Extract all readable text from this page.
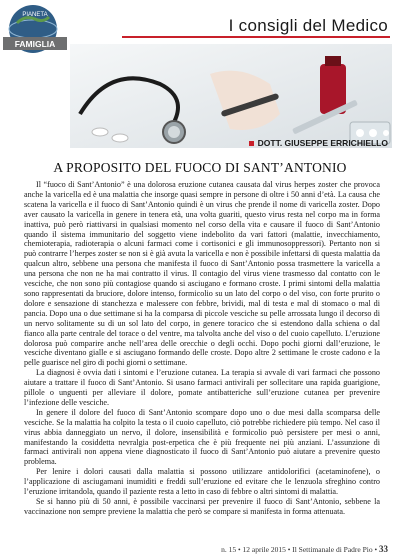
PIANETA
FAMIGLIA
I consigli del Medico
DOTT. GIUSEPPE ERRICHIELLO
A PROPOSITO DEL FUOCO DI SANT’ANTONIO

Il “fuoco di Sant’Antonio” è una dolorosa eruzione cutanea causata dal virus herpes zoster che provoca anche la varicella ed è una malattia che insorge quasi sempre in persone di oltre i 50 anni d’età. La causa che scatena la varicella e il fuoco di Sant’Antonio quindi è un virus che prende il nome di varicella zoster. Dopo aver causato la varicella in genere in tenera età, una volta guariti, questo virus resta nel corpo ma in forma inattiva, può però riattivarsi in qualsiasi momento nel corso della vita e causare il fuoco di Sant’Antonio quando il sistema immunitario del soggetto viene indebolito da vari fattori (malattie, invecchiamento, chemioterapia, radioterapia o alcuni farmaci come i cortisonici e gli immunosoppressori). Pertanto non si può contrarre l’herpes zoster se non si è già avuta la varicella e non è possibile infettarsi di questa malattia da qualcun altro, sebbene una persona che manifesta il fuoco di Sant’Antonio possa trasmettere la varicella a una persona che non ne ha mai contratto il virus. Il contagio del virus viene trasmesso dal contatto con le vesciche, che non sono più contagiose quando si asciugano e formano croste. I primi sintomi della malattia sono rappresentati da bruciore, dolore intenso, formicolio su un lato del corpo o del viso, con forte prurito o dolore e sensazione di stanchezza e malessere con febbre, brividi, mal di testa e mal di stomaco o mal di pancia. Dopo una o due settimane si ha la comparsa di piccole vesciche su pelle arrossata lungo il decorso di un nervo solitamente su di un sol lato del corpo, in genere toracico che si estendono dalla schiena o dal fianco alla parte centrale del torace o del ventre, ma talvolta anche del viso o del cuoio capelluto. L’eruzione dolorosa può comparire anche nell’area delle orecchie o degli occhi. Dopo pochi giorni dall’eruzione, le vesciche diventano gialle e si asciugano formando delle croste. Dopo altre 2 settimane le croste cadono e la pelle guarisce nel giro di pochi giorni o settimane.

La diagnosi è ovvia dati i sintomi e l’eruzione cutanea. La terapia si avvale di vari farmaci che possono aiutare a trattare il fuoco di Sant’Antonio. Si usano farmaci antivirali per sollecitare una rapida guarigione, pillole o unguenti per alleviare il dolore, pomate antibatteriche sull’eruzione cutanea per prevenire l’infezione delle vesciche.

In genere il dolore del fuoco di Sant’Antonio scompare dopo uno o due mesi dalla scomparsa delle vesciche. Se la malattia ha colpito la testa o il cuoio capelluto, ciò potrebbe richiedere più tempo. Nel caso il virus abbia danneggiato un nervo, il dolore, insensibilità e formicolio può persistere per mesi o anni, manifestando la cosiddetta nevralgia post-erpetica che è più frequente nei più anziani. L’assunzione di farmaci antivirali non appena viene diagnosticato il fuoco di Sant’Antonio può aiutare a prevenire questo problema.

Per lenire i dolori causati dalla malattia si possono utilizzare antidolorifici (acetaminofene), o l’applicazione di asciugamani inumiditi e freddi sull’eruzione ed evitare che le lenzuola sfreghino contro l’eruzione irritandola, quando il paziente resta a letto in caso di febbre o altri sintomi di malattia.

Se si hanno più di 50 anni, è possibile vaccinarsi per prevenire il fuoco di Sant’Antonio, sebbene la vaccinazione non sempre previene la malattia che però se compare si manifesta in forma attenuata.

n. 15 • 12 aprile 2015 • Il Settimanale di Padre Pio • 33
